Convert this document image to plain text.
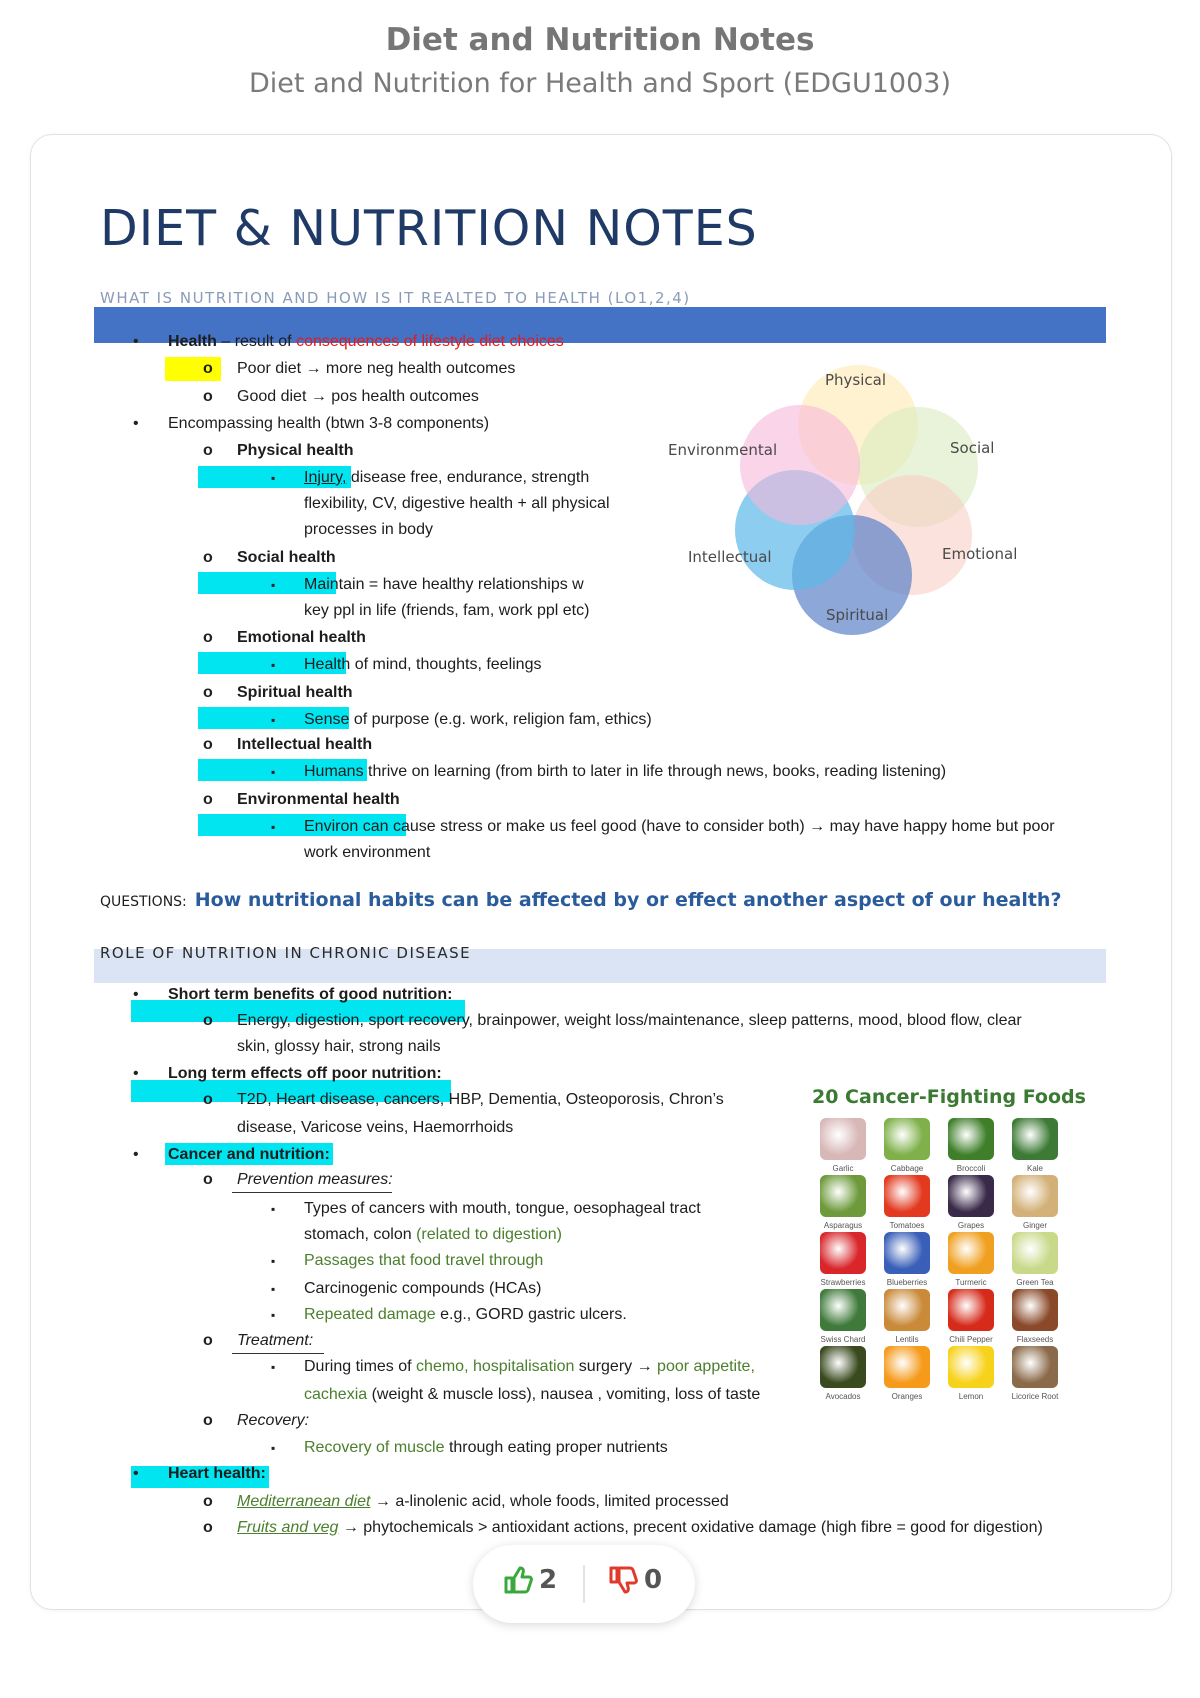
Diet and Nutrition Notes
Diet and Nutrition for Health and Sport (EDGU1003)
DIET & NUTRITION NOTES
WHAT IS NUTRITION AND HOW IS IT REALTED TO HEALTH (LO1,2,4)
• Health – result of consequences of lifestyle diet choices
o Poor diet → more neg health outcomes
o Good diet → pos health outcomes
• Encompassing health (btwn 3-8 components)
o Physical health
▪ Injury, disease free, endurance, strength
flexibility, CV, digestive health + all physical
processes in body
o Social health
▪ Maintain = have healthy relationships w
key ppl in life (friends, fam, work ppl etc)
o Emotional health
▪ Health of mind, thoughts, feelings
o Spiritual health
▪ Sense of purpose (e.g. work, religion fam, ethics)
o Intellectual health
▪ Humans thrive on learning (from birth to later in life through news, books, reading listening)
o Environmental health
▪ Environ can cause stress or make us feel good (have to consider both) → may have happy home but poor
work environment
QUESTIONS: How nutritional habits can be affected by or effect another aspect of our health?
ROLE OF NUTRITION IN CHRONIC DISEASE
• Short term benefits of good nutrition:
o Energy, digestion, sport recovery, brainpower, weight loss/maintenance, sleep patterns, mood, blood flow, clear
skin, glossy hair, strong nails
• Long term effects off poor nutrition:
o T2D, Heart disease, cancers, HBP, Dementia, Osteoporosis, Chron’s
disease, Varicose veins, Haemorrhoids
• Cancer and nutrition:
o Prevention measures:
▪ Types of cancers with mouth, tongue, oesophageal tract
stomach, colon (related to digestion)
▪ Passages that food travel through
▪ Carcinogenic compounds (HCAs)
▪ Repeated damage e.g., GORD gastric ulcers.
o Treatment:
▪ During times of chemo, hospitalisation surgery → poor appetite,
cachexia (weight & muscle loss), nausea , vomiting, loss of taste
o Recovery:
▪ Recovery of muscle through eating proper nutrients
• Heart health:
o Mediterranean diet → a-linolenic acid, whole foods, limited processed
o Fruits and veg → phytochemicals > antioxidant actions, precent oxidative damage (high fibre = good for digestion)
Physical
Social
Emotional
Spiritual
Intellectual
Environmental
20 Cancer-Fighting Foods
Garlic	Cabbage	Broccoli	Kale
Asparagus	Tomatoes	Grapes	Ginger
Strawberries	Blueberries	Turmeric	Green Tea
Swiss Chard	Lentils	Chili Pepper	Flaxseeds
Avocados	Oranges	Lemon	Licorice Root
2	0
